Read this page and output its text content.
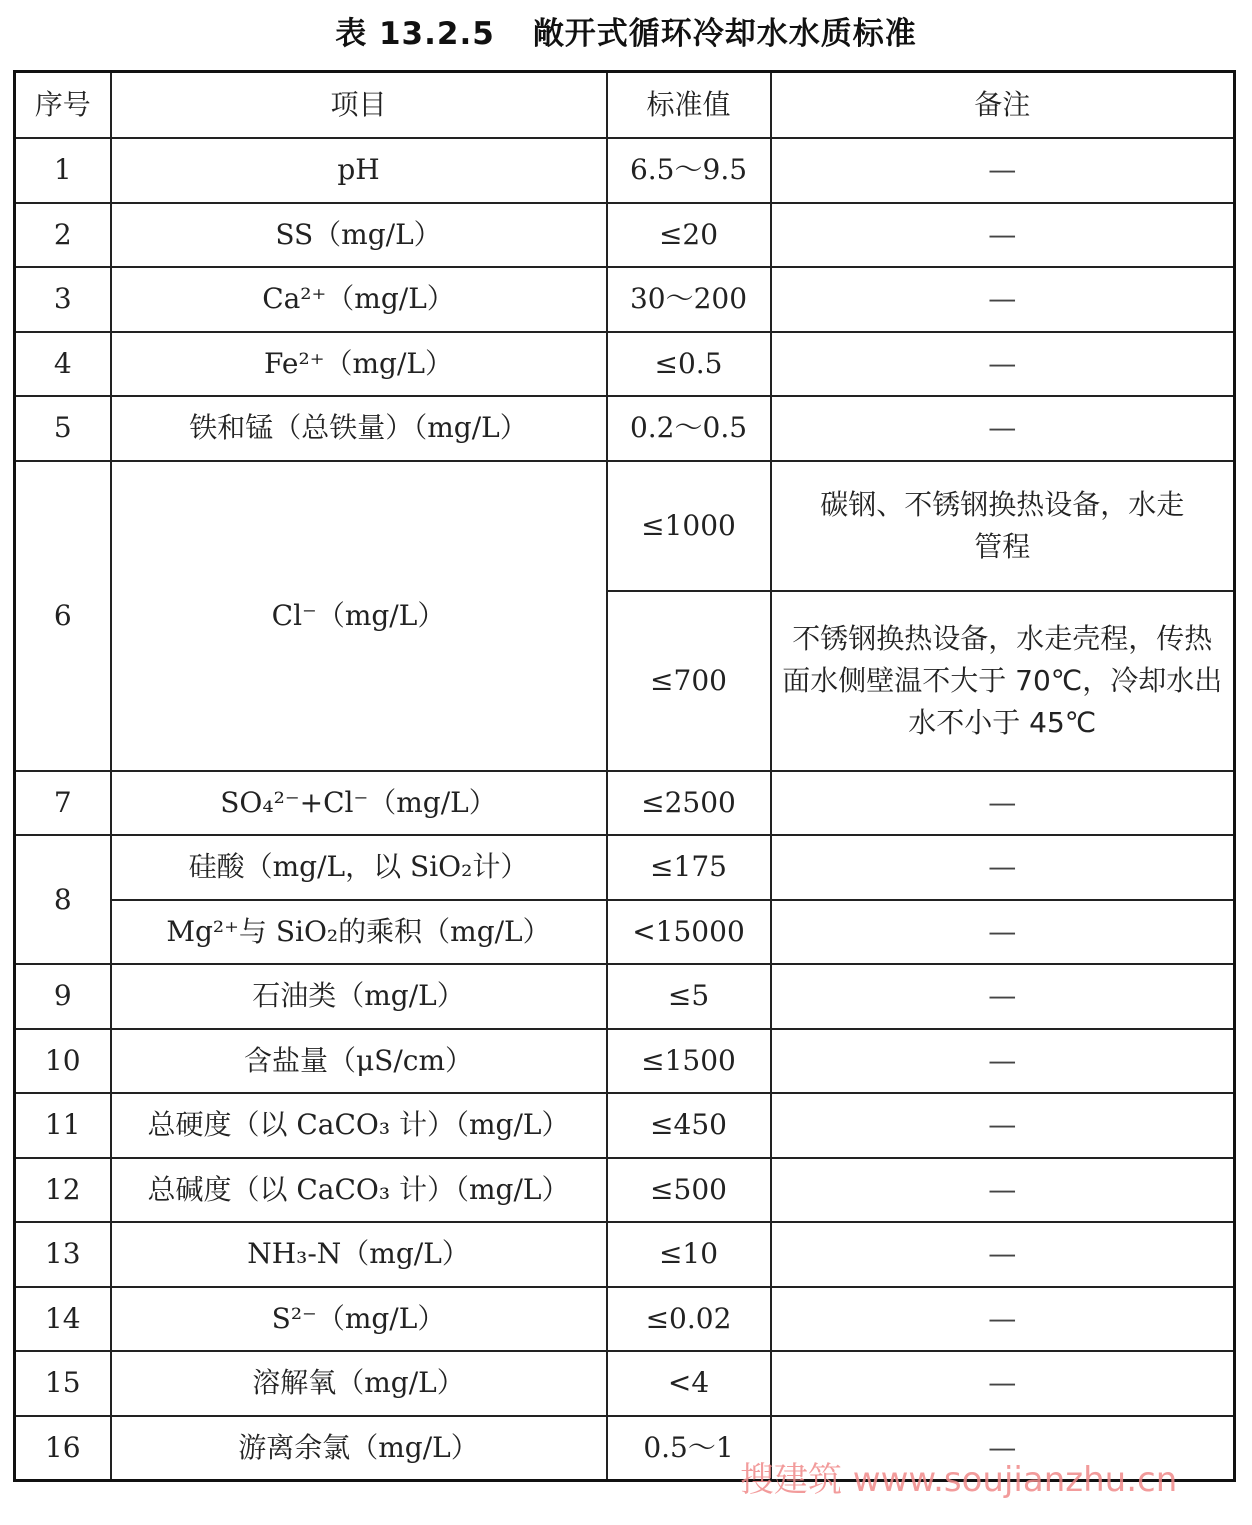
表 13.2.5 敞开式循环冷却水水质标准
序号	项目	标准值	备注
1	pH	6.5～9.5	—
2	SS（mg/L）	≤20	—
3	Ca²⁺（mg/L）	30～200	—
4	Fe²⁺（mg/L）	≤0.5	—
5	铁和锰（总铁量）（mg/L）	0.2～0.5	—
6	Cl⁻（mg/L）	≤1000	碳钢、不锈钢换热设备，水走管程
		≤700	不锈钢换热设备，水走壳程，传热面水侧壁温不大于 70℃，冷却水出水不小于 45℃
7	SO₄²⁻+Cl⁻（mg/L）	≤2500	—
8	硅酸（mg/L，以 SiO₂计）	≤175	—
	Mg²⁺与 SiO₂的乘积（mg/L）	<15000	—
9	石油类（mg/L）	≤5	—
10	含盐量（μS/cm）	≤1500	—
11	总硬度（以 CaCO₃ 计）（mg/L）	≤450	—
12	总碱度（以 CaCO₃ 计）（mg/L）	≤500	—
13	NH₃-N（mg/L）	≤10	—
14	S²⁻（mg/L）	≤0.02	—
15	溶解氧（mg/L）	<4	—
16	游离余氯（mg/L）	0.5～1	—
搜建筑 www.soujianzhu.cn
